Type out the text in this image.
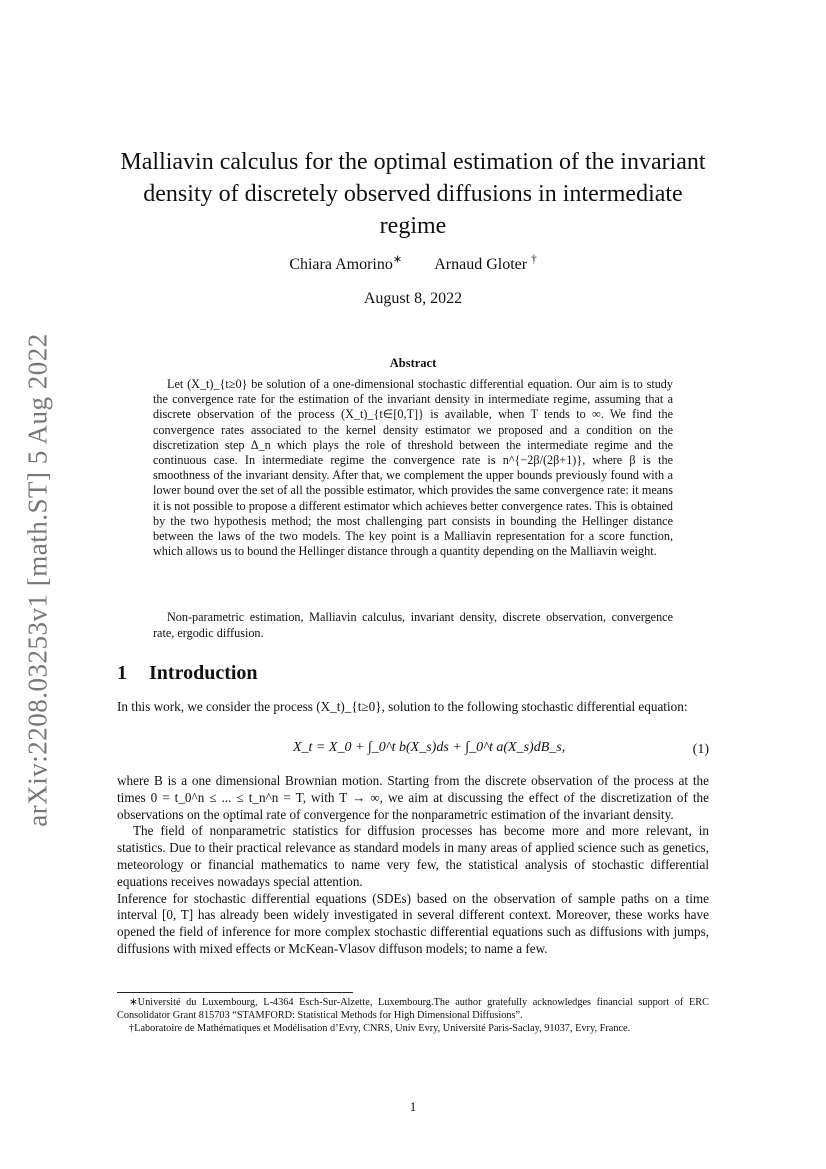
arXiv:2208.03253v1 [math.ST] 5 Aug 2022
Malliavin calculus for the optimal estimation of the invariant density of discretely observed diffusions in intermediate regime
Chiara Amorino∗ Arnaud Gloter †
August 8, 2022
Abstract

Let (X_t)_{t≥0} be solution of a one-dimensional stochastic differential equation. Our aim is to study the convergence rate for the estimation of the invariant density in intermediate regime, assuming that a discrete observation of the process (X_t)_{t∈[0,T]} is available, when T tends to ∞. We find the convergence rates associated to the kernel density estimator we proposed and a condition on the discretization step Δ_n which plays the role of threshold between the intermediate regime and the continuous case. In intermediate regime the convergence rate is n^{−2β/(2β+1)}, where β is the smoothness of the invariant density. After that, we complement the upper bounds previously found with a lower bound over the set of all the possible estimator, which provides the same convergence rate: it means it is not possible to propose a different estimator which achieves better convergence rates. This is obtained by the two hypothesis method; the most challenging part consists in bounding the Hellinger distance between the laws of the two models. The key point is a Malliavin representation for a score function, which allows us to bound the Hellinger distance through a quantity depending on the Malliavin weight.

Non-parametric estimation, Malliavin calculus, invariant density, discrete observation, convergence rate, ergodic diffusion.

1 Introduction

In this work, we consider the process (X_t)_{t≥0}, solution to the following stochastic differential equation:

X_t = X_0 + ∫_0^t b(X_s)ds + ∫_0^t a(X_s)dB_s,	(1)

where B is a one dimensional Brownian motion. Starting from the discrete observation of the process at the times 0 = t_0^n ≤ ... ≤ t_n^n = T, with T → ∞, we aim at discussing the effect of the discretization of the observations on the optimal rate of convergence for the nonparametric estimation of the invariant density.

The field of nonparametric statistics for diffusion processes has become more and more relevant, in statistics. Due to their practical relevance as standard models in many areas of applied science such as genetics, meteorology or financial mathematics to name very few, the statistical analysis of stochastic differential equations receives nowadays special attention.

Inference for stochastic differential equations (SDEs) based on the observation of sample paths on a time interval [0, T] has already been widely investigated in several different context. Moreover, these works have opened the field of inference for more complex stochastic differential equations such as diffusions with jumps, diffusions with mixed effects or McKean-Vlasov diffuson models; to name a few.

∗Université du Luxembourg, L-4364 Esch-Sur-Alzette, Luxembourg.The author gratefully acknowledges financial support of ERC Consolidator Grant 815703 “STAMFORD: Statistical Methods for High Dimensional Diffusions”.

†Laboratoire de Mathématiques et Modélisation d’Evry, CNRS, Univ Evry, Université Paris-Saclay, 91037, Evry, France.

1
